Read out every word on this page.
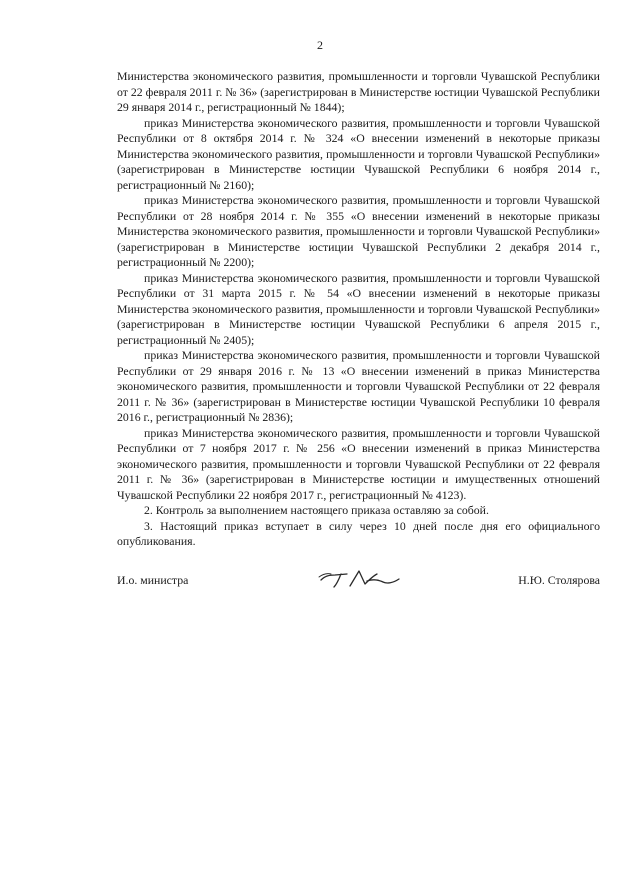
2

Министерства экономического развития, промышленности и торговли Чувашской Республики от 22 февраля 2011 г. № 36» (зарегистрирован в Министерстве юстиции Чувашской Республики 29 января 2014 г., регистрационный № 1844);

приказ Министерства экономического развития, промышленности и торговли Чувашской Республики от 8 октября 2014 г. № 324 «О внесении изменений в некоторые приказы Министерства экономического развития, промышленности и торговли Чувашской Республики» (зарегистрирован в Министерстве юстиции Чувашской Республики 6 ноября 2014 г., регистрационный № 2160);

приказ Министерства экономического развития, промышленности и торговли Чувашской Республики от 28 ноября 2014 г. № 355 «О внесении изменений в некоторые приказы Министерства экономического развития, промышленности и торговли Чувашской Республики» (зарегистрирован в Министерстве юстиции Чувашской Республики 2 декабря 2014 г., регистрационный № 2200);

приказ Министерства экономического развития, промышленности и торговли Чувашской Республики от 31 марта 2015 г. № 54 «О внесении изменений в некоторые приказы Министерства экономического развития, промышленности и торговли Чувашской Республики» (зарегистрирован в Министерстве юстиции Чувашской Республики 6 апреля 2015 г., регистрационный № 2405);

приказ Министерства экономического развития, промышленности и торговли Чувашской Республики от 29 января 2016 г. № 13 «О внесении изменений в приказ Министерства экономического развития, промышленности и торговли Чувашской Республики от 22 февраля 2011 г. № 36» (зарегистрирован в Министерстве юстиции Чувашской Республики 10 февраля 2016 г., регистрационный № 2836);

приказ Министерства экономического развития, промышленности и торговли Чувашской Республики от 7 ноября 2017 г. № 256 «О внесении изменений в приказ Министерства экономического развития, промышленности и торговли Чувашской Республики от 22 февраля 2011 г. № 36» (зарегистрирован в Министерстве юстиции и имущественных отношений Чувашской Республики 22 ноября 2017 г., регистрационный № 4123).

2. Контроль за выполнением настоящего приказа оставляю за собой.

3. Настоящий приказ вступает в силу через 10 дней после дня его официального опубликования.

И.о. министра	Н.Ю. Столярова
